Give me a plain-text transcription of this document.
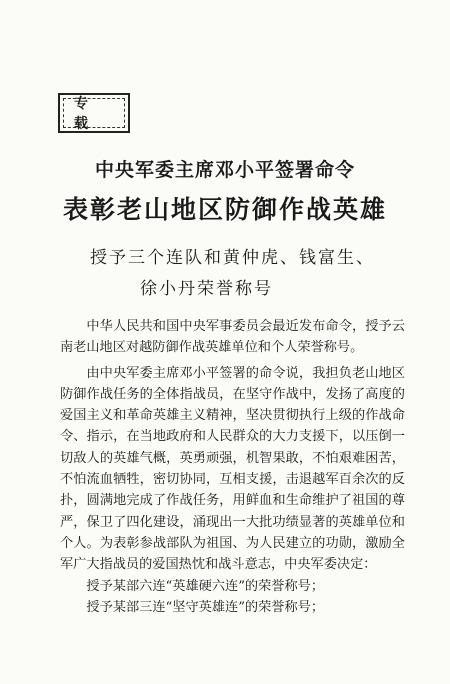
专 载
中央军委主席邓小平签署命令
表彰老山地区防御作战英雄
授予三个连队和黄仲虎、钱富生、
徐小丹荣誉称号

中华人民共和国中央军事委员会最近发布命令，授予云南老山地区对越防御作战英雄单位和个人荣誉称号。

由中央军委主席邓小平签署的命令说，我担负老山地区防御作战任务的全体指战员，在坚守作战中，发扬了高度的爱国主义和革命英雄主义精神，坚决贯彻执行上级的作战命令、指示，在当地政府和人民群众的大力支援下，以压倒一切敌人的英雄气概，英勇顽强，机智果敢，不怕艰难困苦，不怕流血牺牲，密切协同，互相支援，击退越军百余次的反扑，圆满地完成了作战任务，用鲜血和生命维护了祖国的尊严，保卫了四化建设，涌现出一大批功绩显著的英雄单位和个人。为表彰参战部队为祖国、为人民建立的功勋，激励全军广大指战员的爱国热忱和战斗意志，中央军委决定：

授予某部六连“英雄硬六连”的荣誉称号；

授予某部三连“坚守英雄连”的荣誉称号；
